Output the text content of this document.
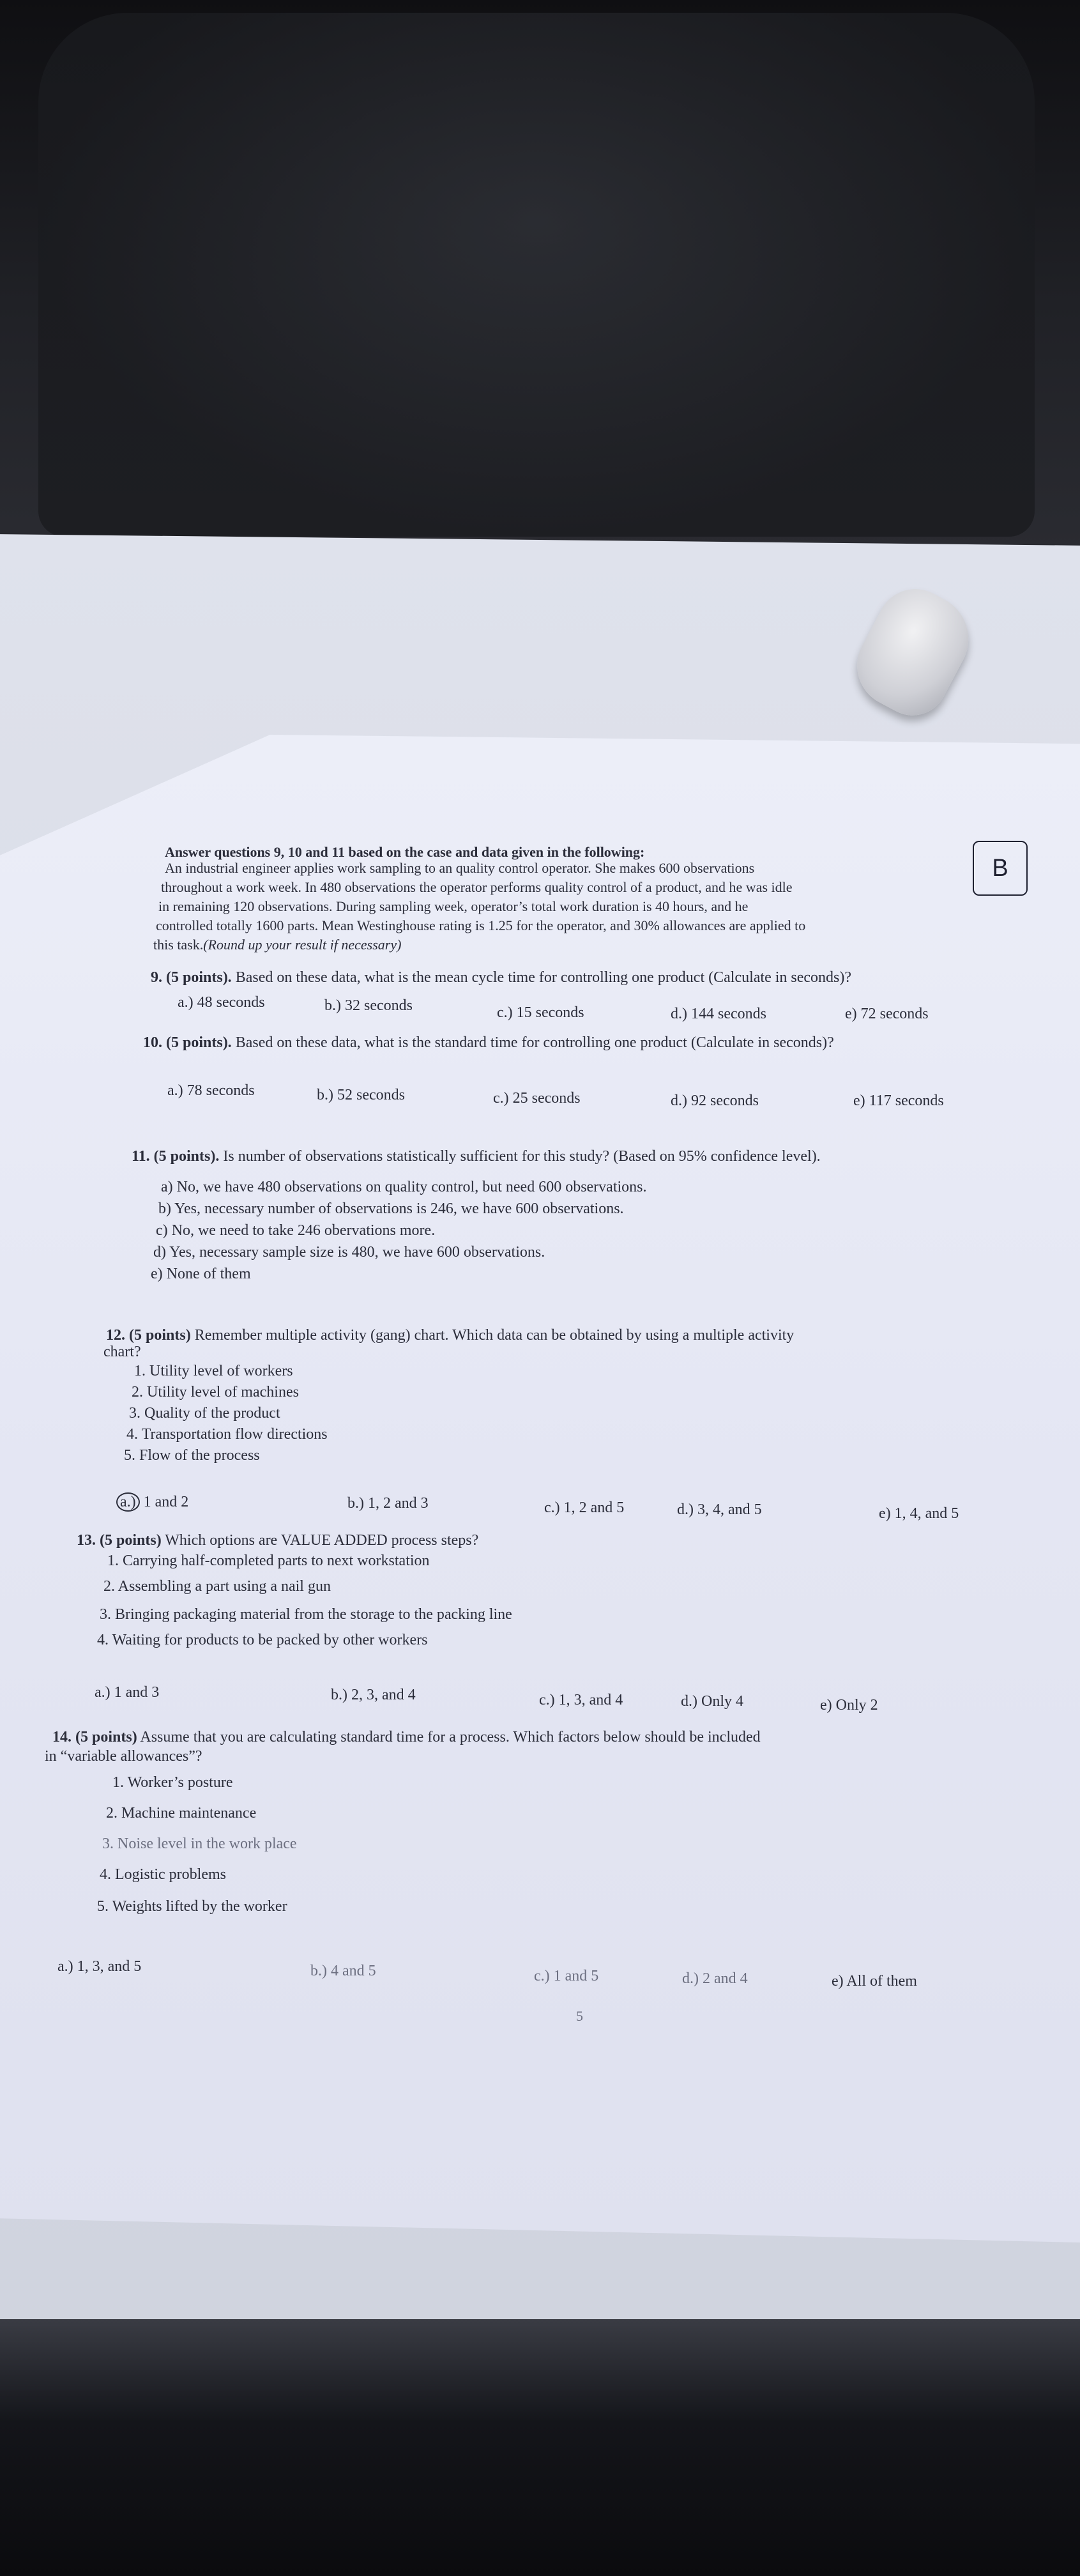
Answer questions 9, 10 and 11 based on the case and data given in the following:
An industrial engineer applies work sampling to an quality control operator. She makes 600 observations
throughout a work week. In 480 observations the operator performs quality control of a product, and he was idle
in remaining 120 observations. During sampling week, operator’s total work duration is 40 hours, and he
controlled totally 1600 parts. Mean Westinghouse rating is 1.25 for the operator, and 30% allowances are applied to
this task.(Round up your result if necessary)
B
9. (5 points). Based on these data, what is the mean cycle time for controlling one product (Calculate in seconds)?
a.) 48 seconds	b.) 32 seconds	c.) 15 seconds	d.) 144 seconds	e) 72 seconds
10. (5 points). Based on these data, what is the standard time for controlling one product (Calculate in seconds)?
a.) 78 seconds	b.) 52 seconds	c.) 25 seconds	d.) 92 seconds	e) 117 seconds
11. (5 points). Is number of observations statistically sufficient for this study? (Based on 95% confidence level).
a) No, we have 480 observations on quality control, but need 600 observations.
b) Yes, necessary number of observations is 246, we have 600 observations.
c) No, we need to take 246 obervations more.
d) Yes, necessary sample size is 480, we have 600 observations.
e) None of them
12. (5 points) Remember multiple activity (gang) chart. Which data can be obtained by using a multiple activity
chart?
1. Utility level of workers
2. Utility level of machines
3. Quality of the product
4. Transportation flow directions
5. Flow of the process
a.) 1 and 2	b.) 1, 2 and 3	c.) 1, 2 and 5	d.) 3, 4, and 5	e) 1, 4, and 5
13. (5 points) Which options are VALUE ADDED process steps?
1. Carrying half-completed parts to next workstation
2. Assembling a part using a nail gun
3. Bringing packaging material from the storage to the packing line
4. Waiting for products to be packed by other workers
a.) 1 and 3	b.) 2, 3, and 4	c.) 1, 3, and 4	d.) Only 4	e) Only 2
14. (5 points) Assume that you are calculating standard time for a process. Which factors below should be included
in “variable allowances”?
1. Worker’s posture
2. Machine maintenance
3. Noise level in the work place
4. Logistic problems
5. Weights lifted by the worker
a.) 1, 3, and 5	b.) 4 and 5	c.) 1 and 5	d.) 2 and 4	e) All of them
5
